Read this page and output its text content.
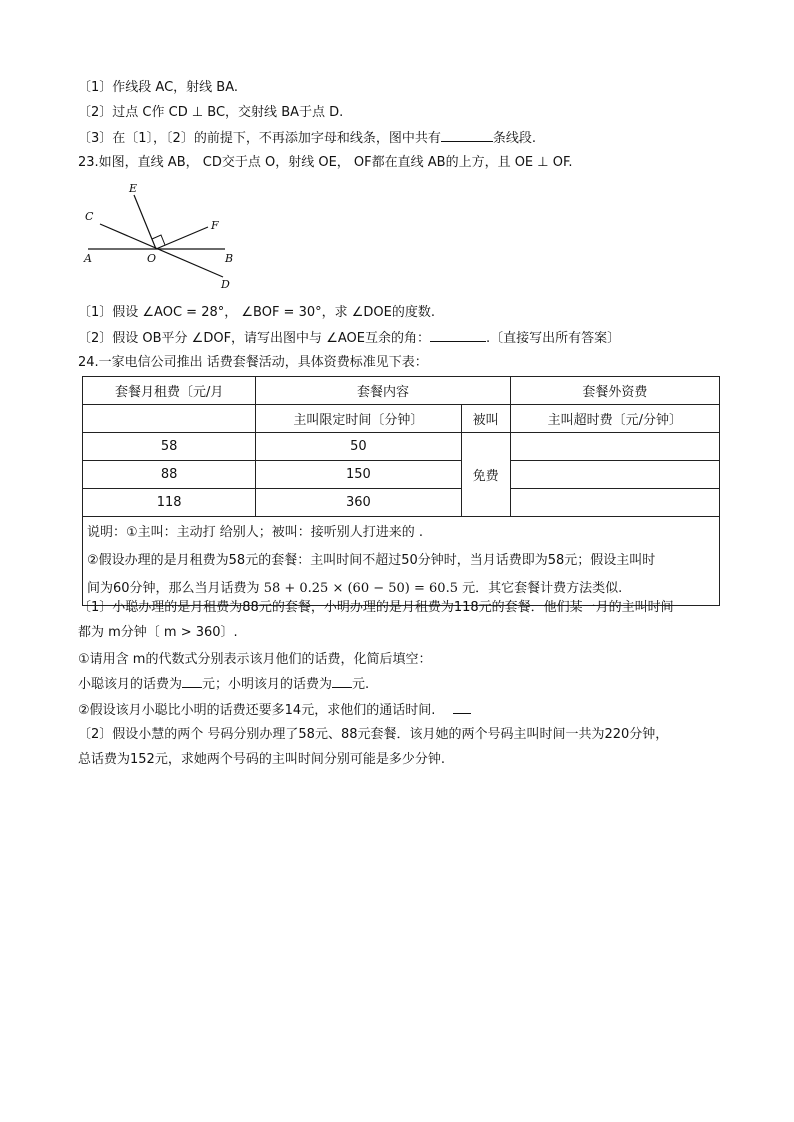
〔1〕作线段 AC，射线 BA.
〔2〕过点 C作 CD ⊥ BC，交射线 BA于点 D.
〔3〕在〔1〕，〔2〕的前提下，不再添加字母和线条，图中共有	条线段.
23.如图，直线 AB， CD交于点 O，射线 OE， OF都在直线 AB的上方，且 OE ⊥ OF.
E
C
F
A	O	B
D
〔1〕假设 ∠AOC = 28°， ∠BOF = 30°，求 ∠DOE的度数.
〔2〕假设 OB平分 ∠DOF，请写出图中与 ∠AOE互余的角：	.〔直接写出所有答案〕
24.一家电信公司推出 话费套餐活动，具体资费标准见下表：
套餐月租费〔元/月	套餐内容		套餐外资费
	主叫限定时间〔分钟〕	被叫	主叫超时费〔元/分钟〕
58	50	免费	
88	150		
118	360		

说明：①主叫：主动打 给别人；被叫：接听别人打进来的 .
②假设办理的是月租费为58元的套餐：主叫时间不超过50分钟时，当月话费即为58元；假设主叫时
间为60分钟，那么当月话费为 58 + 0.25 × (60 − 50) = 60.5 元．其它套餐计费方法类似.			
〔1〕小聪办理的是月租费为88元的套餐，小明办理的是月租费为118元的套餐．他们某一月的主叫时间
都为 m分钟〔 m > 360〕.
①请用含 m的代数式分别表示该月他们的话费，化简后填空：
小聪该月的话费为 元；小明该月的话费为 元.
②假设该月小聪比小明的话费还要多14元，求他们的通话时间.
〔2〕假设小慧的两个 号码分别办理了58元、88元套餐．该月她的两个号码主叫时间一共为220分钟，
总话费为152元，求她两个号码的主叫时间分别可能是多少分钟.
